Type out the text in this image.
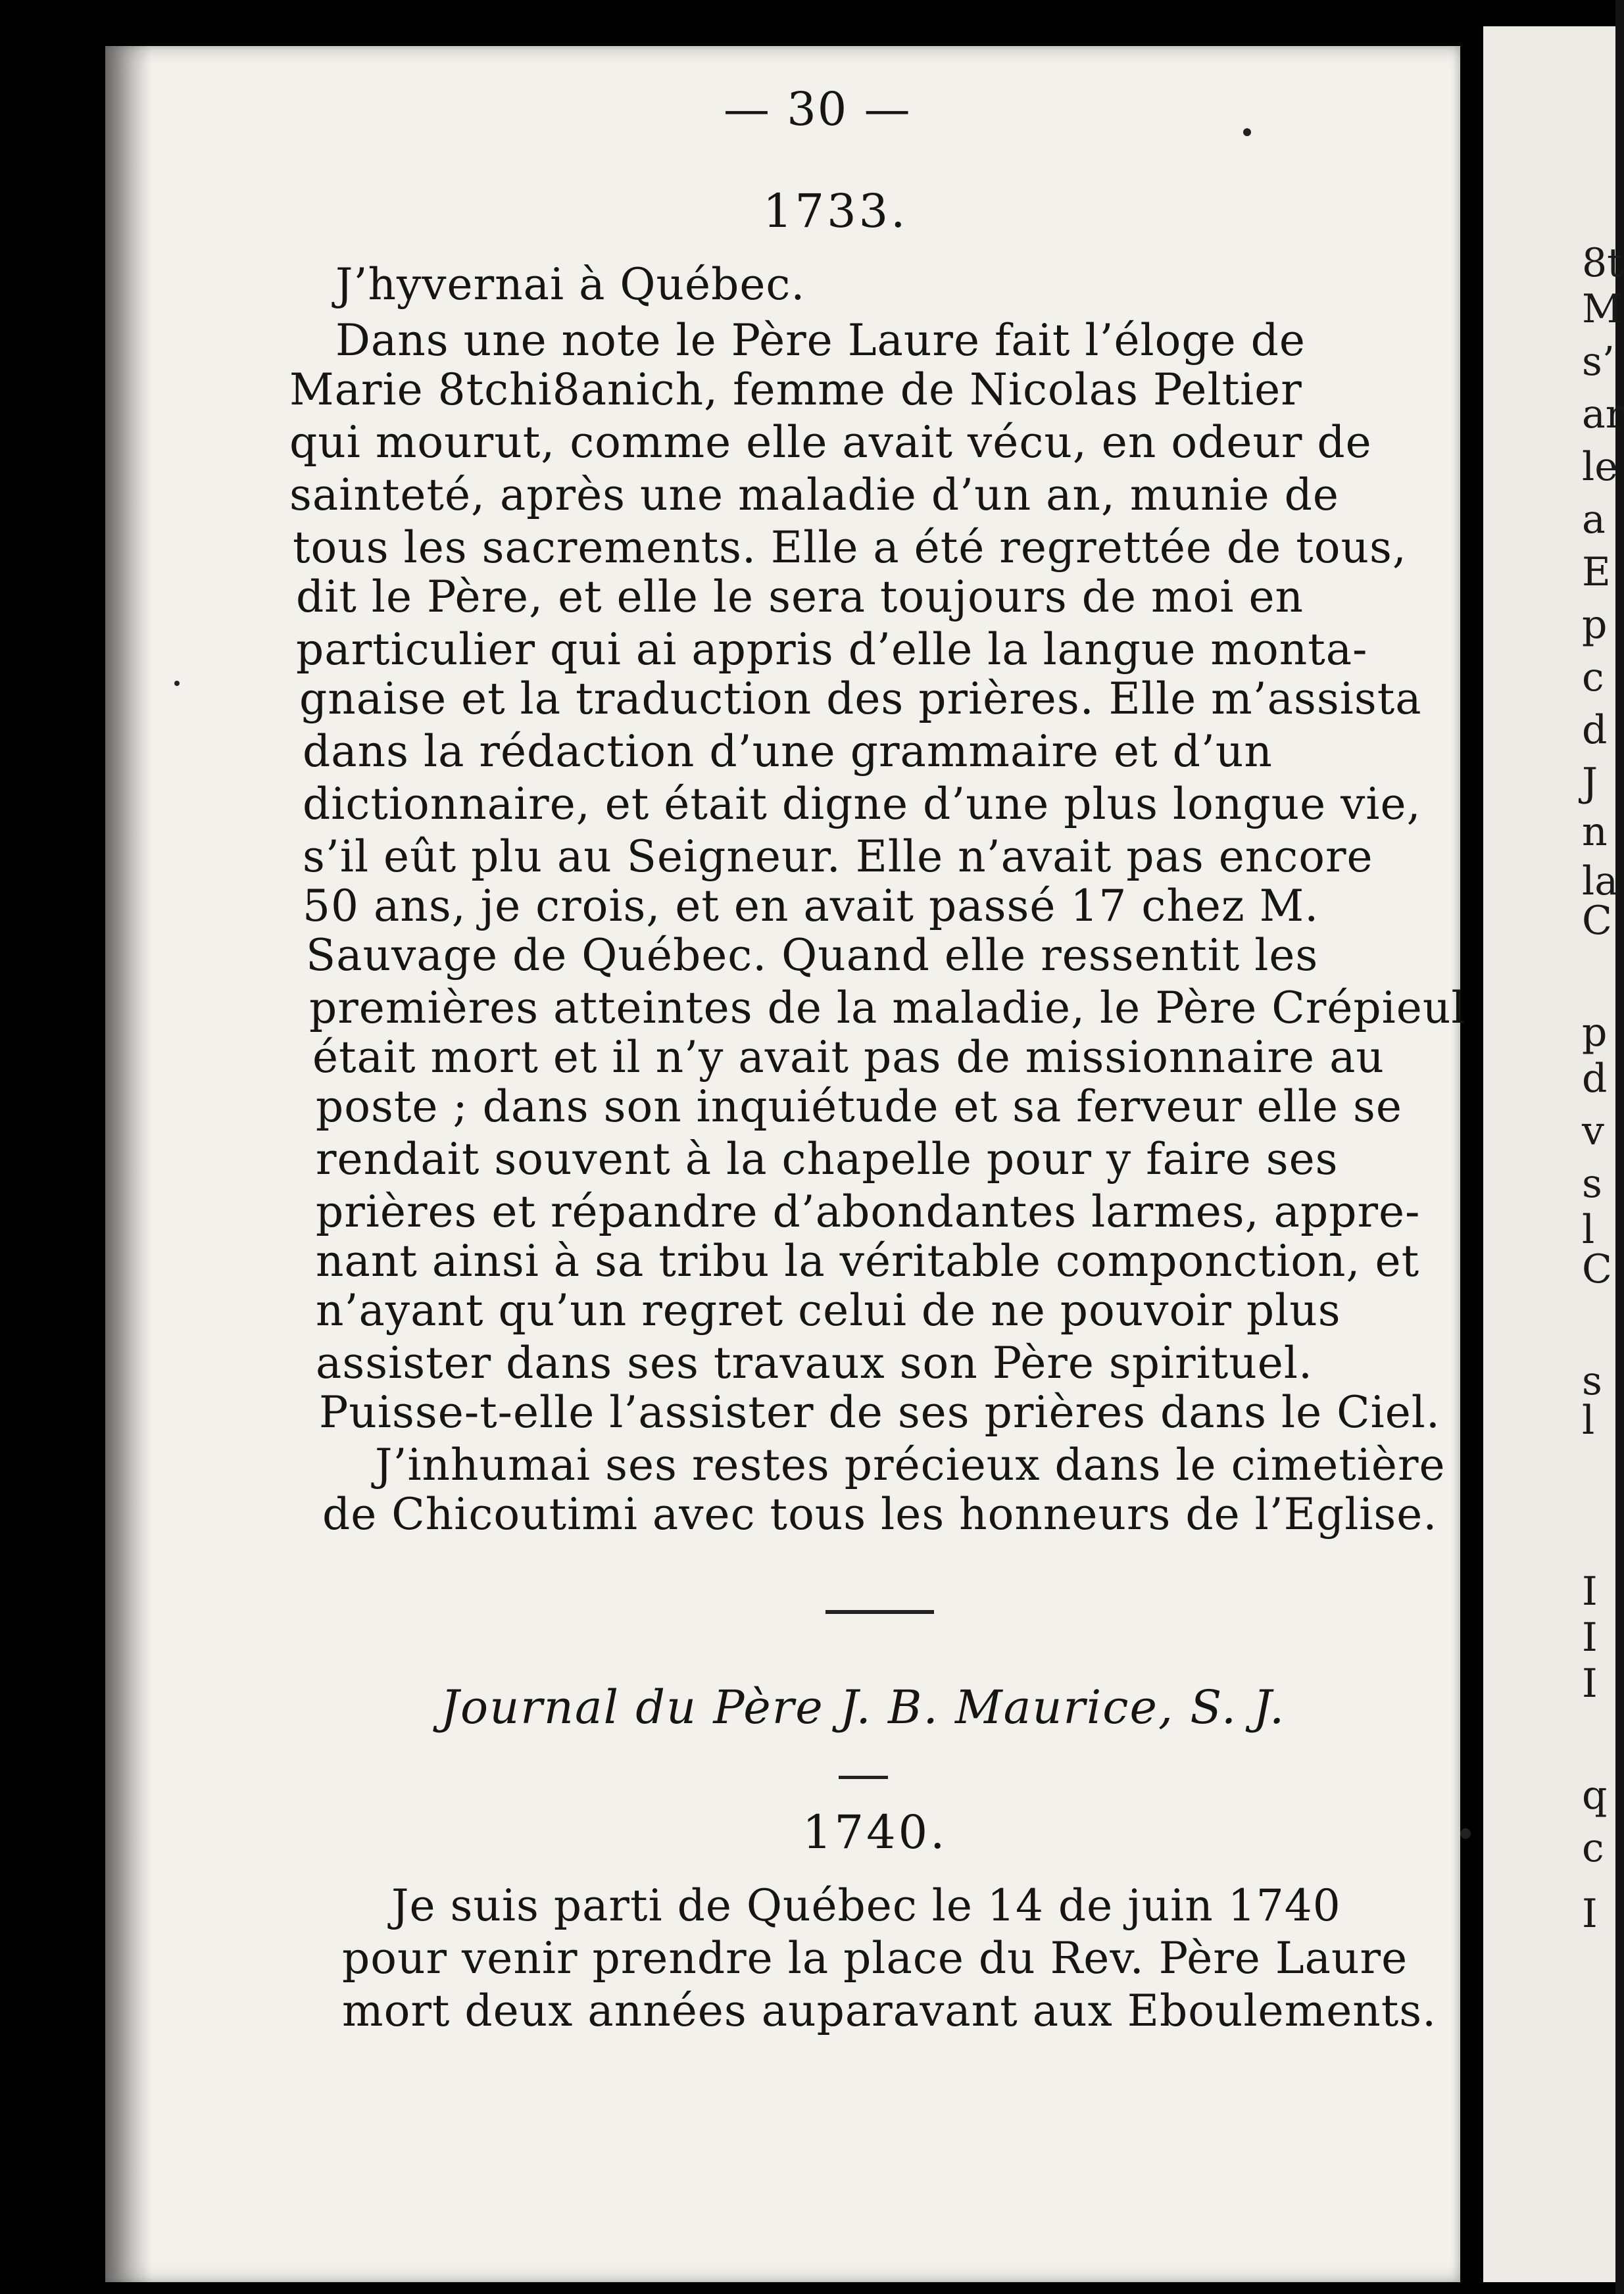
8t
M
s’
ar
le
a
E
p
c
d
J
n
la
C
p
d
v
s
l
C
s
l
I
I
I
q
c
I
— 30 —
1733.
J’hyvernai à Québec.
Dans une note le Père Laure fait l’éloge de
Marie 8tchi8anich, femme de Nicolas Peltier
qui mourut, comme elle avait vécu, en odeur de
sainteté, après une maladie d’un an, munie de
tous les sacrements. Elle a été regrettée de tous,
dit le Père, et elle le sera toujours de moi en
particulier qui ai appris d’elle la langue monta-
gnaise et la traduction des prières. Elle m’assista
dans la rédaction d’une grammaire et d’un
dictionnaire, et était digne d’une plus longue vie,
s’il eût plu au Seigneur. Elle n’avait pas encore
50 ans, je crois, et en avait passé 17 chez M.
Sauvage de Québec. Quand elle ressentit les
premières atteintes de la maladie, le Père Crépieul
était mort et il n’y avait pas de missionnaire au
poste ; dans son inquiétude et sa ferveur elle se
rendait souvent à la chapelle pour y faire ses
prières et répandre d’abondantes larmes, appre-
nant ainsi à sa tribu la véritable componction, et
n’ayant qu’un regret celui de ne pouvoir plus
assister dans ses travaux son Père spirituel.
Puisse-t-elle l’assister de ses prières dans le Ciel.
J’inhumai ses restes précieux dans le cimetière
de Chicoutimi avec tous les honneurs de l’Eglise.
Journal du Père J. B. Maurice, S. J.
1740.
Je suis parti de Québec le 14 de juin 1740
pour venir prendre la place du Rev. Père Laure
mort deux années auparavant aux Eboulements.
